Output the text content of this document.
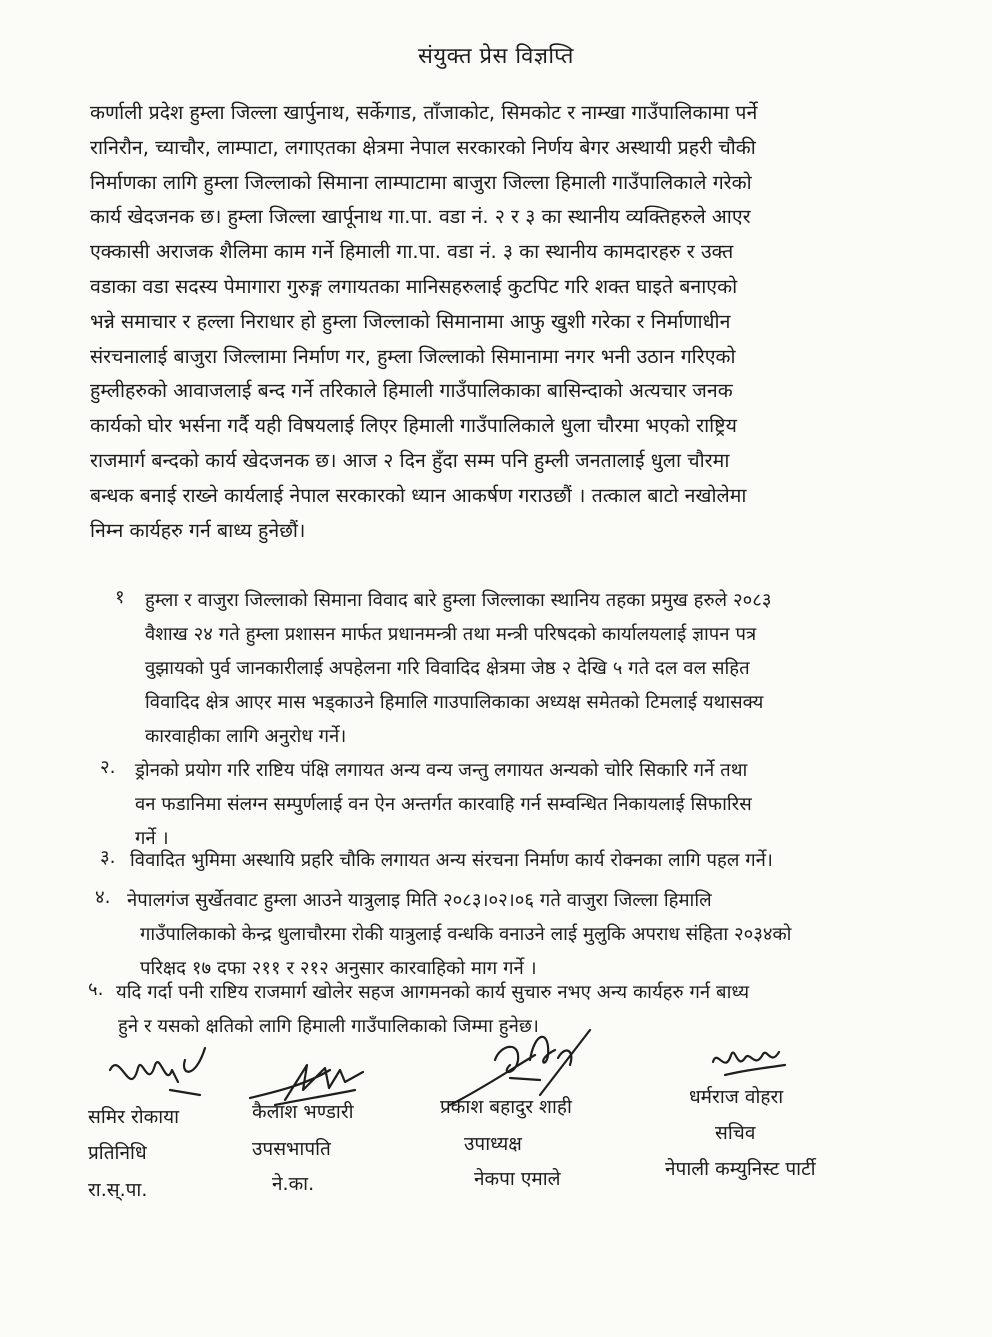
संयुक्त प्रेस विज्ञप्ति
कर्णाली प्रदेश हुम्ला जिल्ला खार्पुनाथ, सर्केगाड, ताँजाकोट, सिमकोट र नाम्खा गाउँपालिकामा पर्ने
रानिरौन, च्याचौर, लाम्पाटा, लगाएतका क्षेत्रमा नेपाल सरकारको निर्णय बेगर अस्थायी प्रहरी चौकी
निर्माणका लागि हुम्ला जिल्लाको सिमाना लाम्पाटामा बाजुरा जिल्ला हिमाली गाउँपालिकाले गरेको
कार्य खेदजनक छ। हुम्ला जिल्ला खार्पूनाथ गा.पा. वडा नं. २ र ३ का स्थानीय व्यक्तिहरुले आएर
एक्कासी अराजक शैलिमा काम गर्ने हिमाली गा.पा. वडा नं. ३ का स्थानीय कामदारहरु र उक्त
वडाका वडा सदस्य पेमागारा गुरुङ्ग लगायतका मानिसहरुलाई कुटपिट गरि शक्त घाइते बनाएको
भन्ने समाचार र हल्ला निराधार हो हुम्ला जिल्लाको सिमानामा आफु खुशी गरेका र निर्माणाधीन
संरचनालाई बाजुरा जिल्लामा निर्माण गर, हुम्ला जिल्लाको सिमानामा नगर भनी उठान गरिएको
हुम्लीहरुको आवाजलाई बन्द गर्ने तरिकाले हिमाली गाउँपालिकाका बासिन्दाको अत्यचार जनक
कार्यको घोर भर्सना गर्दै यही विषयलाई लिएर हिमाली गाउँपालिकाले धुला चौरमा भएको राष्ट्रिय
राजमार्ग बन्दको कार्य खेदजनक छ। आज २ दिन हुँदा सम्म पनि हुम्ली जनतालाई धुला चौरमा
बन्धक बनाई राख्ने कार्यलाई नेपाल सरकारको ध्यान आकर्षण गराउछौं । तत्काल बाटो नखोलेमा
निम्न कार्यहरु गर्न बाध्य हुनेछौं।
१ हुम्ला र वाजुरा जिल्लाको सिमाना विवाद बारे हुम्ला जिल्लाका स्थानिय तहका प्रमुख हरुले २०८३
वैशाख २४ गते हुम्ला प्रशासन मार्फत प्रधानमन्त्री तथा मन्त्री परिषदको कार्यालयलाई ज्ञापन पत्र
वुझायको पुर्व जानकारीलाई अपहेलना गरि विवादिद क्षेत्रमा जेष्ठ २ देखि ५ गते दल वल सहित
विवादिद क्षेत्र आएर मास भड्काउने हिमालि गाउपालिकाका अध्यक्ष समेतको टिमलाई यथासक्य
कारवाहीका लागि अनुरोध गर्ने।
२. ड्रोनको प्रयोग गरि राष्टिय पंक्षि लगायत अन्य वन्य जन्तु लगायत अन्यको चोरि सिकारि गर्ने तथा
वन फडानिमा संलग्न सम्पुर्णलाई वन ऐन अन्तर्गत कारवाहि गर्न सम्वन्धित निकायलाई सिफारिस
गर्ने ।
३. विवादित भुमिमा अस्थायि प्रहरि चौकि लगायत अन्य संरचना निर्माण कार्य रोक्नका लागि पहल गर्ने।
४. नेपालगंज सुर्खेतवाट हुम्ला आउने यात्रुलाइ मिति २०८३।०२।०६ गते वाजुरा जिल्ला हिमालि
गाउँपालिकाको केन्द्र धुलाचौरमा रोकी यात्रुलाई वन्धकि वनाउने लाई मुलुकि अपराध संहिता २०३४को
परिक्षद १७ दफा २११ र २१२ अनुसार कारवाहिको माग गर्ने ।
५. यदि गर्दा पनी राष्टिय राजमार्ग खोलेर सहज आगमनको कार्य सुचारु नभए अन्य कार्यहरु गर्न बाध्य
हुने र यसको क्षतिको लागि हिमाली गाउँपालिकाको जिम्मा हुनेछ।
समिर रोकाया
प्रतिनिधि
रा.स्.पा.
कैलाश भण्डारी
उपसभापति
ने.का.
प्रकाश बहादुर शाही
उपाध्यक्ष
नेकपा एमाले
धर्मराज वोहरा
सचिव
नेपाली कम्युनिस्ट पार्टी
